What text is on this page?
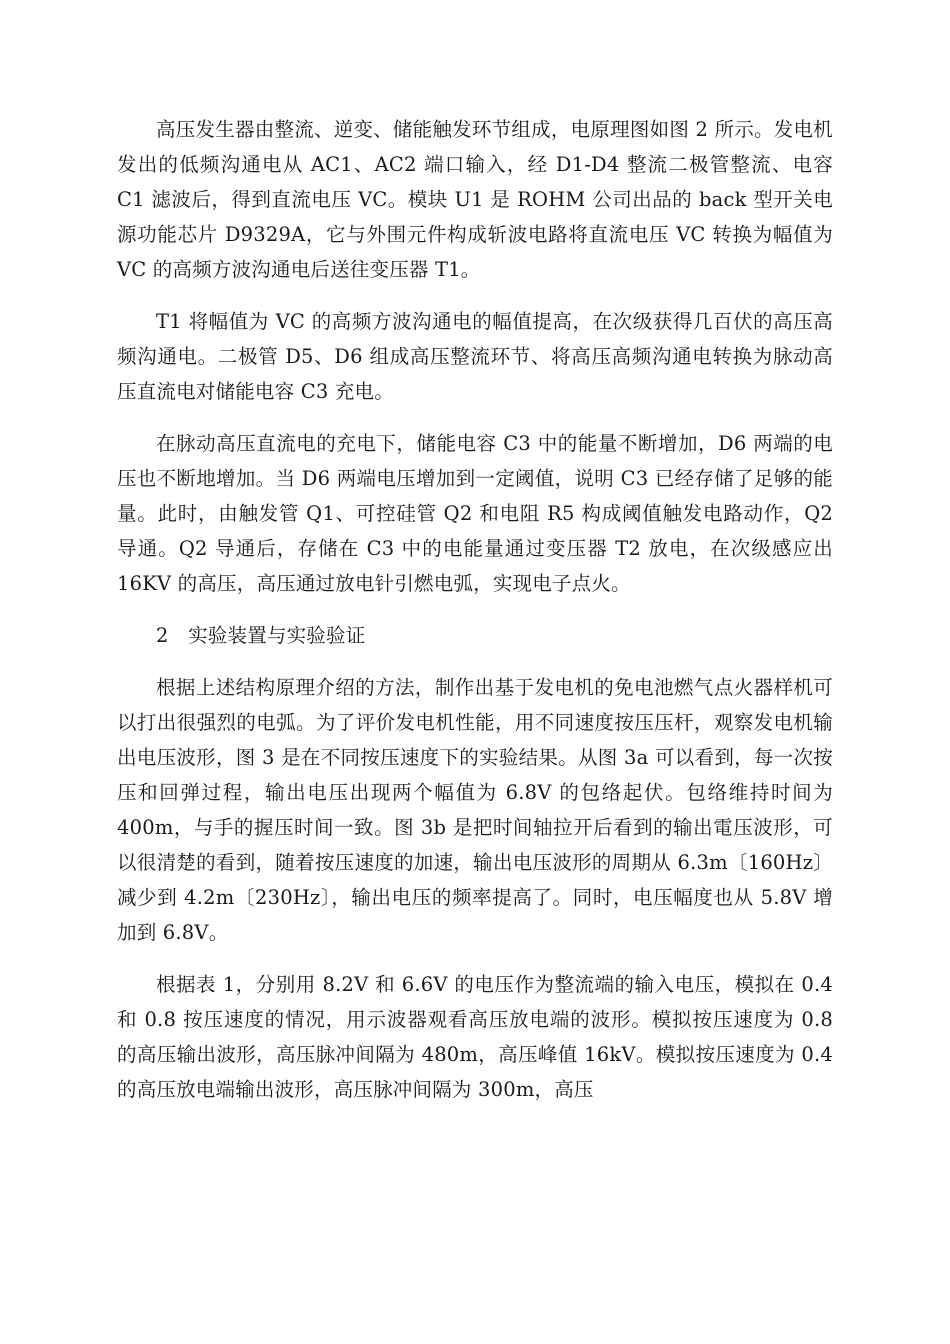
高压发生器由整流、逆变、储能触发环节组成，电原理图如图 2 所示。发电机发出的低频沟通电从 AC1、AC2 端口输入，经 D1-D4 整流二极管整流、电容 C1 滤波后，得到直流电压 VC。模块 U1 是 ROHM 公司出品的 back 型开关电源功能芯片 D9329A，它与外围元件构成斩波电路将直流电压 VC 转换为幅值为 VC 的高频方波沟通电后送往变压器 T1。

T1 将幅值为 VC 的高频方波沟通电的幅值提高，在次级获得几百伏的高压高频沟通电。二极管 D5、D6 组成高压整流环节、将高压高频沟通电转换为脉动高压直流电对储能电容 C3 充电。

在脉动高压直流电的充电下，储能电容 C3 中的能量不断增加，D6 两端的电压也不断地增加。当 D6 两端电压增加到一定阈值，说明 C3 已经存储了足够的能量。此时，由触发管 Q1、可控硅管 Q2 和电阻 R5 构成阈值触发电路动作，Q2 导通。Q2 导通后，存储在 C3 中的电能量通过变压器 T2 放电，在次级感应出 16KV 的高压，高压通过放电针引燃电弧，实现电子点火。

2 实验装置与实验验证

根据上述结构原理介绍的方法，制作出基于发电机的免电池燃气点火器样机可以打出很强烈的电弧。为了评价发电机性能，用不同速度按压压杆，观察发电机输出电压波形，图 3 是在不同按压速度下的实验结果。从图 3a 可以看到，每一次按压和回弹过程，输出电压出现两个幅值为 6.8V 的包络起伏。包络维持时间为 400m，与手的握压时间一致。图 3b 是把时间轴拉开后看到的输出電压波形，可以很清楚的看到，随着按压速度的加速，输出电压波形的周期从 6.3m〔160Hz〕减少到 4.2m〔230Hz〕，输出电压的频率提高了。同时，电压幅度也从 5.8V 增加到 6.8V。

根据表 1，分别用 8.2V 和 6.6V 的电压作为整流端的输入电压，模拟在 0.4 和 0.8 按压速度的情况，用示波器观看高压放电端的波形。模拟按压速度为 0.8 的高压输出波形，高压脉冲间隔为 480m，高压峰值 16kV。模拟按压速度为 0.4 的高压放电端输出波形，高压脉冲间隔为 300m，高压
